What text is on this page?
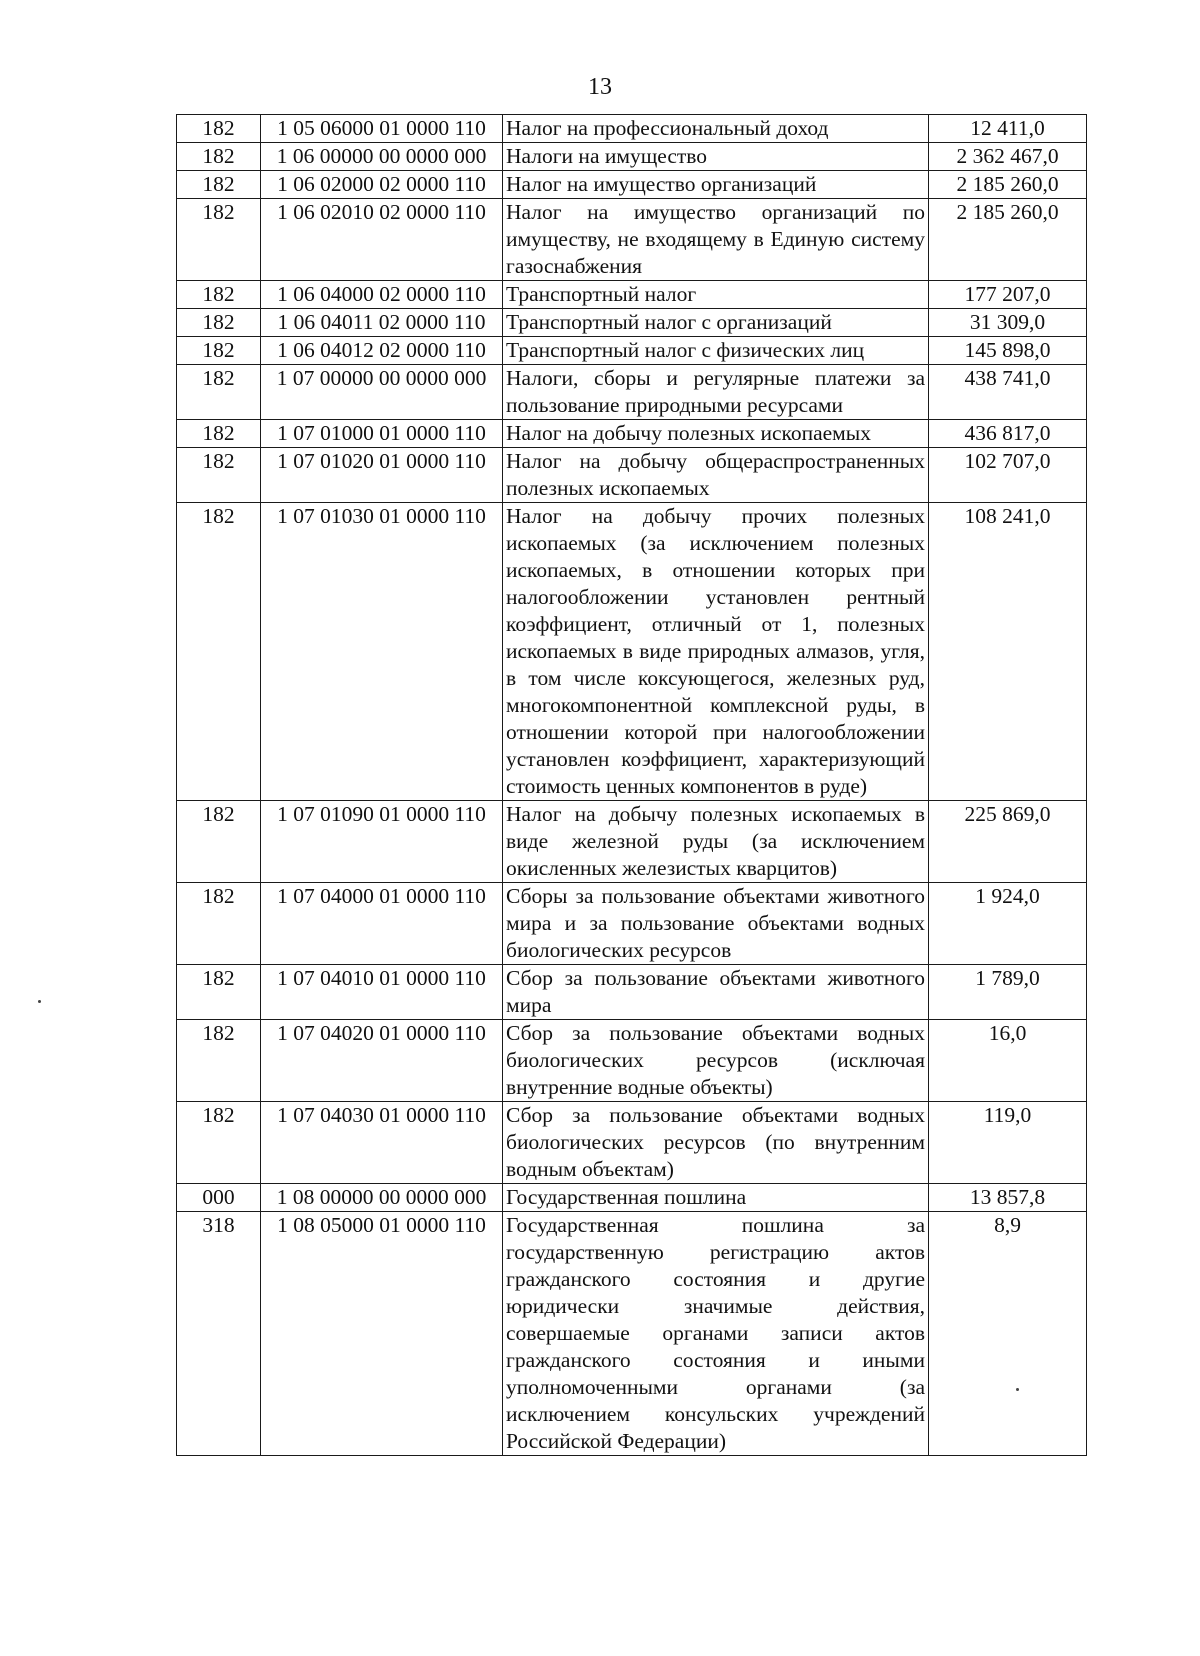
13
182	1 05 06000 01 0000 110	Налог на профессиональный доход	12 411,0
182	1 06 00000 00 0000 000	Налоги на имущество	2 362 467,0
182	1 06 02000 02 0000 110	Налог на имущество организаций	2 185 260,0
182	1 06 02010 02 0000 110	Налог на имущество организаций по имуществу, не входящему в Единую систему газоснабжения	2 185 260,0
182	1 06 04000 02 0000 110	Транспортный налог	177 207,0
182	1 06 04011 02 0000 110	Транспортный налог с организаций	31 309,0
182	1 06 04012 02 0000 110	Транспортный налог с физических лиц	145 898,0
182	1 07 00000 00 0000 000	Налоги, сборы и регулярные платежи за пользование природными ресурсами	438 741,0
182	1 07 01000 01 0000 110	Налог на добычу полезных ископаемых	436 817,0
182	1 07 01020 01 0000 110	Налог на добычу общераспространенных полезных ископаемых	102 707,0
182	1 07 01030 01 0000 110	Налог на добычу прочих полезных ископаемых (за исключением полезных ископаемых, в отношении которых при налогообложении установлен рентный коэффициент, отличный от 1, полезных ископаемых в виде природных алмазов, угля, в том числе коксующегося, железных руд, многокомпонентной комплексной руды, в отношении которой при налогообложении установлен коэффициент, характеризующий стоимость ценных компонентов в руде)	108 241,0
182	1 07 01090 01 0000 110	Налог на добычу полезных ископаемых в виде железной руды (за исключением окисленных железистых кварцитов)	225 869,0
182	1 07 04000 01 0000 110	Сборы за пользование объектами животного мира и за пользование объектами водных биологических ресурсов	1 924,0
182	1 07 04010 01 0000 110	Сбор за пользование объектами животного мира	1 789,0
182	1 07 04020 01 0000 110	Сбор за пользование объектами водных биологических ресурсов (исключая внутренние водные объекты)	16,0
182	1 07 04030 01 0000 110	Сбор за пользование объектами водных биологических ресурсов (по внутренним водным объектам)	119,0
000	1 08 00000 00 0000 000	Государственная пошлина	13 857,8
318	1 08 05000 01 0000 110	Государственная пошлина за государственную регистрацию актов гражданского состояния и другие юридически значимые действия, совершаемые органами записи актов гражданского состояния и иными уполномоченными органами (за исключением консульских учреждений Российской Федерации)	8,9
